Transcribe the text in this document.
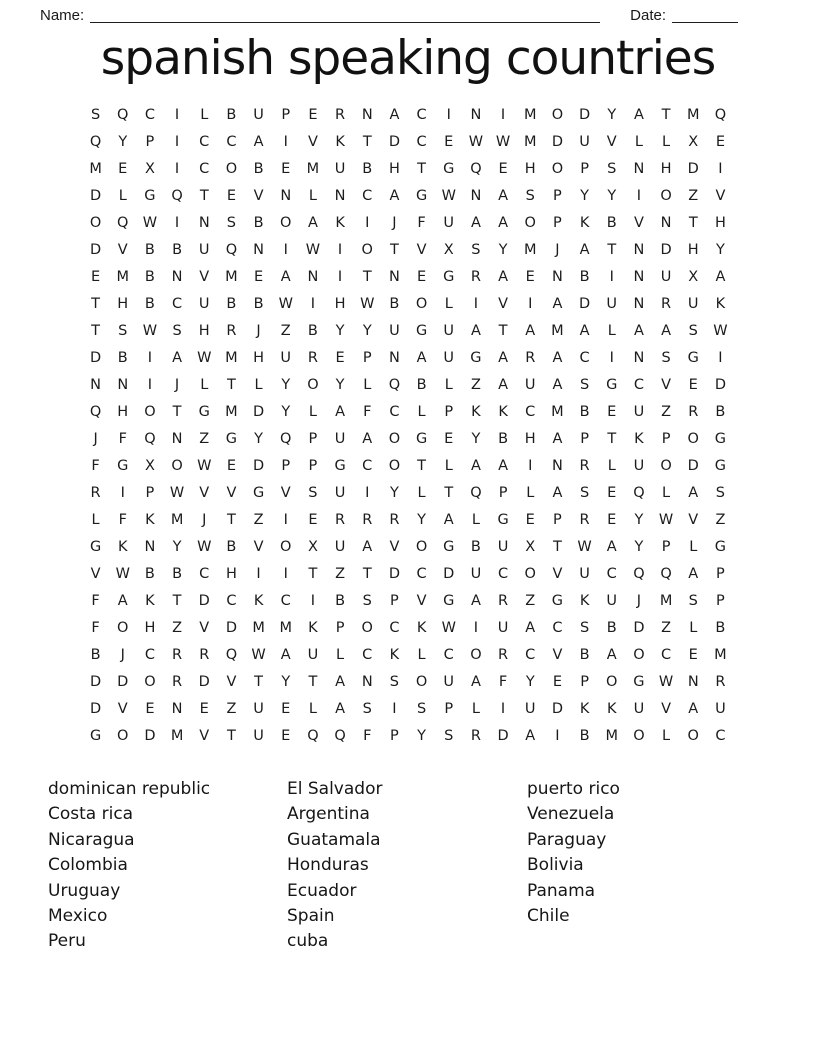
Name:	Date:
spanish speaking countries
S	Q	C	I	L	B	U	P	E	R	N	A	C	I	N	I	M	O	D	Y	A	T	M	Q
Q	Y	P	I	C	C	A	I	V	K	T	D	C	E	W W M	D	U	V	L	L	X	E
M	E	X	I	C	O	B	E	M	U	B	H	T	G	Q	E	H	O	P	S	N	H	D	I
D	L	G	Q	T	E	V	N	L	N	C	A	G W	N	A	S	P	Y	Y	I	O	Z	V
O	Q W	I	N	S	B	O	A	K	I	J	F	U	A	A	O	P	K	B	V	N	T	H
D	V	B	B	U	Q	N	I	W	I	O	T	V	X	S	Y	M	J	A	T	N	D	H	Y
E	M	B	N	V	M	E	A	N	I	T	N	E	G	R	A	E	N	B	I	N	U	X	A
T	H	B	C	U	B	B	W	I	H	W	B	O	L	I	V	I	A	D	U	N	R	U	K
T	S	W	S	H	R	J	Z	B	Y	Y	U	G	U	A	T	A	M	A	L	A	A	S	W
D	B	I	A	W M	H	U	R	E	P	N	A	U	G	A	R	A	C	I	N	S	G	I
N	N	I	J	L	T	L	Y	O	Y	L	Q	B	L	Z	A	U	A	S	G	C	V	E	D
Q	H	O	T	G	M	D	Y	L	A	F	C	L	P	K	K	C	M	B	E	U	Z	R	B
J	F	Q	N	Z	G	Y	Q	P	U	A	O	G	E	Y	B	H	A	P	T	K	P	O	G
F	G	X	O W	E	D	P	P	G	C	O	T	L	A	A	I	N	R	L	U	O	D	G
R	I	P	W	V	V	G	V	S	U	I	Y	L	T	Q	P	L	A	S	E	Q	L	A	S
L	F	K	M	J	T	Z	I	E	R	R	R	Y	A	L	G	E	P	R	E	Y	W	V	Z
G	K	N	Y	W	B	V	O	X	U	A	V	O	G	B	U	X	T	W	A	Y	P	L	G
V	W	B	B	C	H	I	I	T	Z	T	D	C	D	U	C	O	V	U	C	Q	Q	A	P
F	A	K	T	D	C	K	C	I	B	S	P	V	G	A	R	Z	G	K	U	J	M	S	P
F	O	H	Z	V	D	M	M	K	P	O	C	K	W	I	U	A	C	S	B	D	Z	L	B
B	J	C	R	R	Q W	A	U	L	C	K	L	C	O	R	C	V	B	A	O	C	E	M
D	D	O	R	D	V	T	Y	T	A	N	S	O	U	A	F	Y	E	P	O	G W	N	R
D	V	E	N	E	Z	U	E	L	A	S	I	S	P	L	I	U	D	K	K	U	V	A	U
G	O	D	M	V	T	U	E	Q	Q	F	P	Y	S	R	D	A	I	B	M	O	L	O	C
dominican republic
Costa rica
Nicaragua
Colombia
Uruguay
Mexico
Peru
El Salvador
Argentina
Guatamala
Honduras
Ecuador
Spain
cuba
puerto rico
Venezuela
Paraguay
Bolivia
Panama
Chile
